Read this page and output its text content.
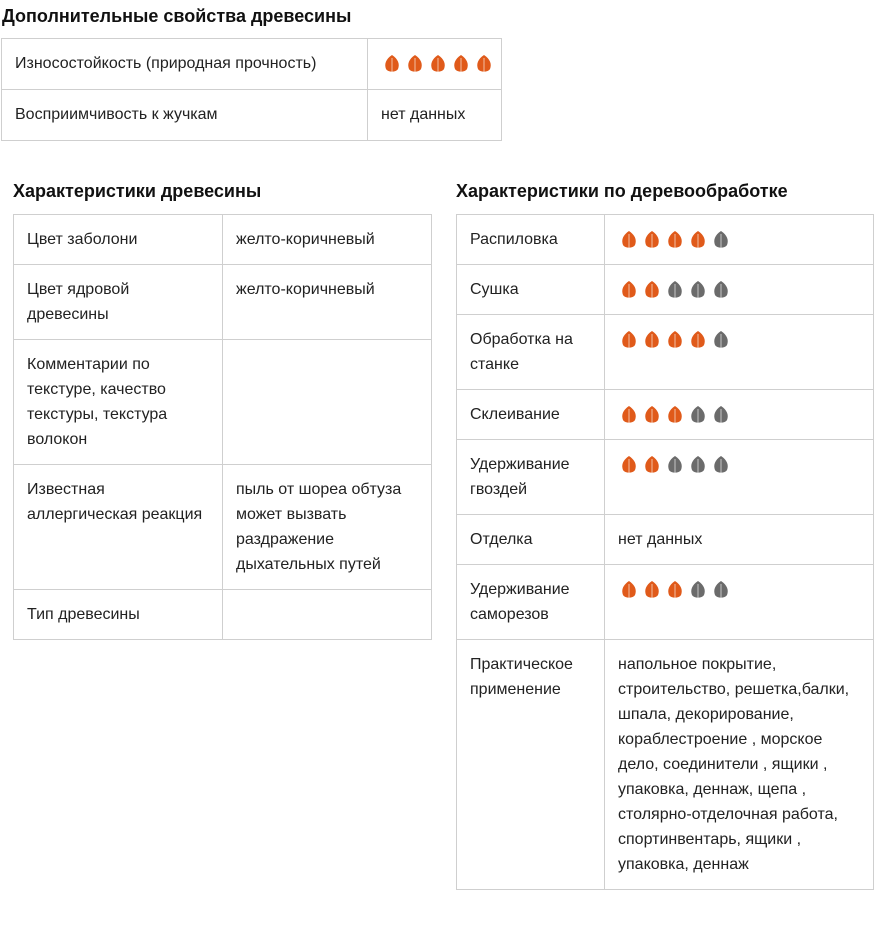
Дополнительные свойства древесины
Износостойкость (природная прочность)	

Восприимчивость к жучкам	нет данных
Характеристики древесины
Цвет заболони	желто-коричневый
Цвет ядровой древесины	желто-коричневый
Комментарии по текстуре, качество текстуры, текстура волокон	
Известная аллергическая реакция	пыль от шореа обтуза может вызвать раздражение дыхательных путей
Тип древесины	
Характеристики по деревообработке
Распиловка	

Сушка	

Обработка на станке	

Склеивание	

Удерживание гвоздей	

Отделка	нет данных
Удерживание саморезов	

Практическое применение	напольное покрытие, строительство, решетка,балки, шпала, декорирование, кораблестроение , морское дело, соединители , ящики , упаковка, деннаж, щепа , столярно-отделочная работа, спортинвентарь, ящики , упаковка, деннаж
